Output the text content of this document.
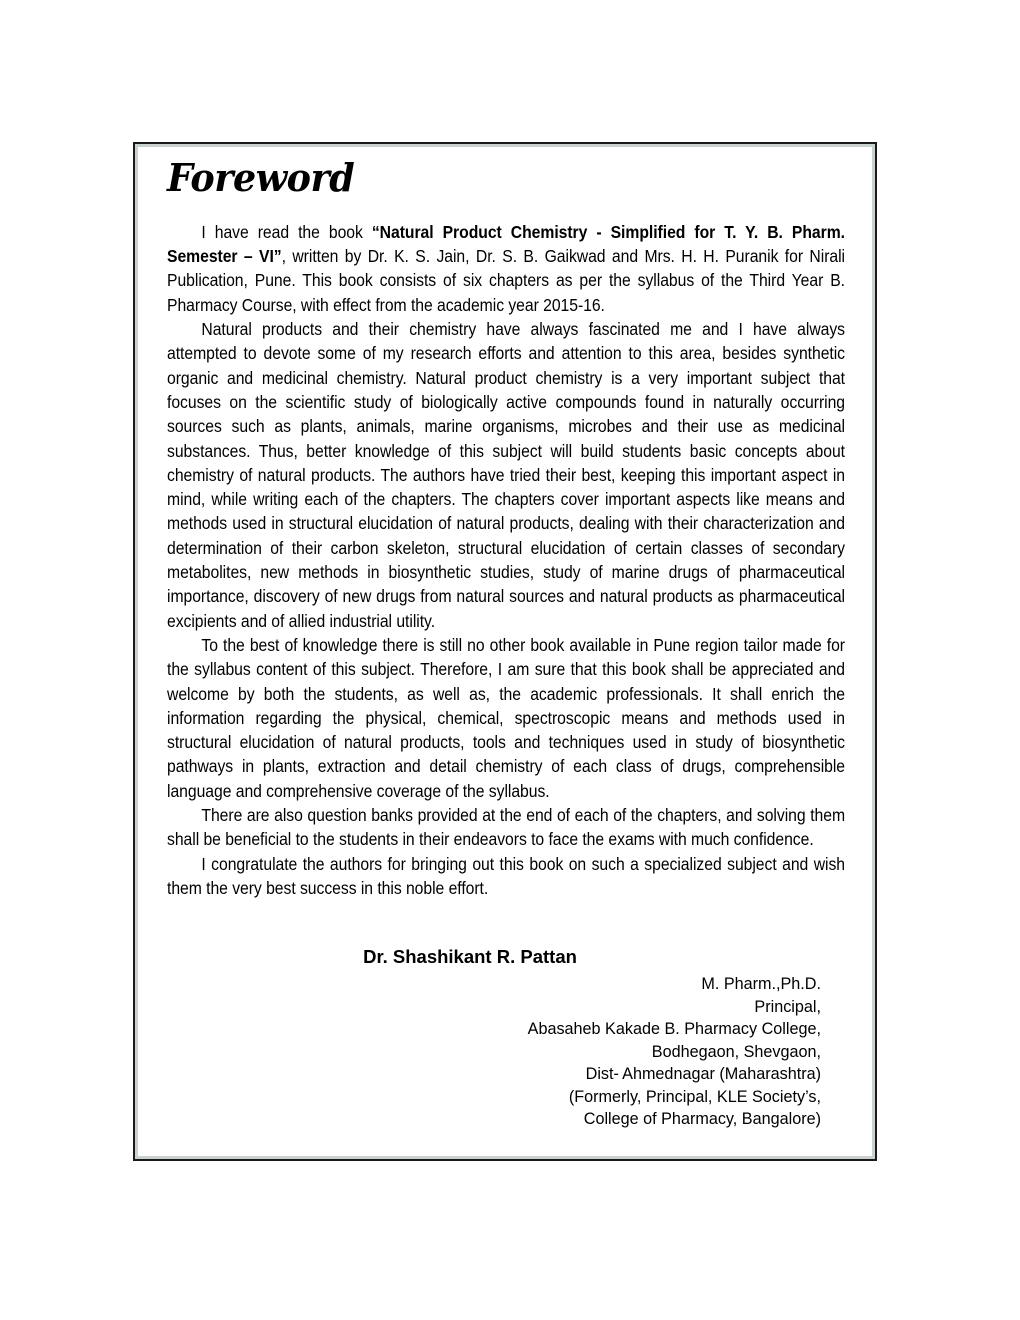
Foreword

I have read the book “Natural Product Chemistry - Simplified for T. Y. B. Pharm. Semester – VI”, written by Dr. K. S. Jain, Dr. S. B. Gaikwad and Mrs. H. H. Puranik for Nirali Publication, Pune. This book consists of six chapters as per the syllabus of the Third Year B. Pharmacy Course, with effect from the academic year 2015-16.

Natural products and their chemistry have always fascinated me and I have always attempted to devote some of my research efforts and attention to this area, besides synthetic organic and medicinal chemistry. Natural product chemistry is a very important subject that focuses on the scientific study of biologically active compounds found in naturally occurring sources such as plants, animals, marine organisms, microbes and their use as medicinal substances. Thus, better knowledge of this subject will build students basic concepts about chemistry of natural products. The authors have tried their best, keeping this important aspect in mind, while writing each of the chapters. The chapters cover important aspects like means and methods used in structural elucidation of natural products, dealing with their characterization and determination of their carbon skeleton, structural elucidation of certain classes of secondary metabolites, new methods in biosynthetic studies, study of marine drugs of pharmaceutical importance, discovery of new drugs from natural sources and natural products as pharmaceutical excipients and of allied industrial utility.

To the best of knowledge there is still no other book available in Pune region tailor made for the syllabus content of this subject. Therefore, I am sure that this book shall be appreciated and welcome by both the students, as well as, the academic professionals. It shall enrich the information regarding the physical, chemical, spectroscopic means and methods used in structural elucidation of natural products, tools and techniques used in study of biosynthetic pathways in plants, extraction and detail chemistry of each class of drugs, comprehensible language and comprehensive coverage of the syllabus.

There are also question banks provided at the end of each of the chapters, and solving them shall be beneficial to the students in their endeavors to face the exams with much confidence.

I congratulate the authors for bringing out this book on such a specialized subject and wish them the very best success in this noble effort.

Dr. Shashikant R. Pattan
M. Pharm.,Ph.D.
Principal,
Abasaheb Kakade B. Pharmacy College,
Bodhegaon, Shevgaon,
Dist- Ahmednagar (Maharashtra)
(Formerly, Principal, KLE Society’s,
College of Pharmacy, Bangalore)
